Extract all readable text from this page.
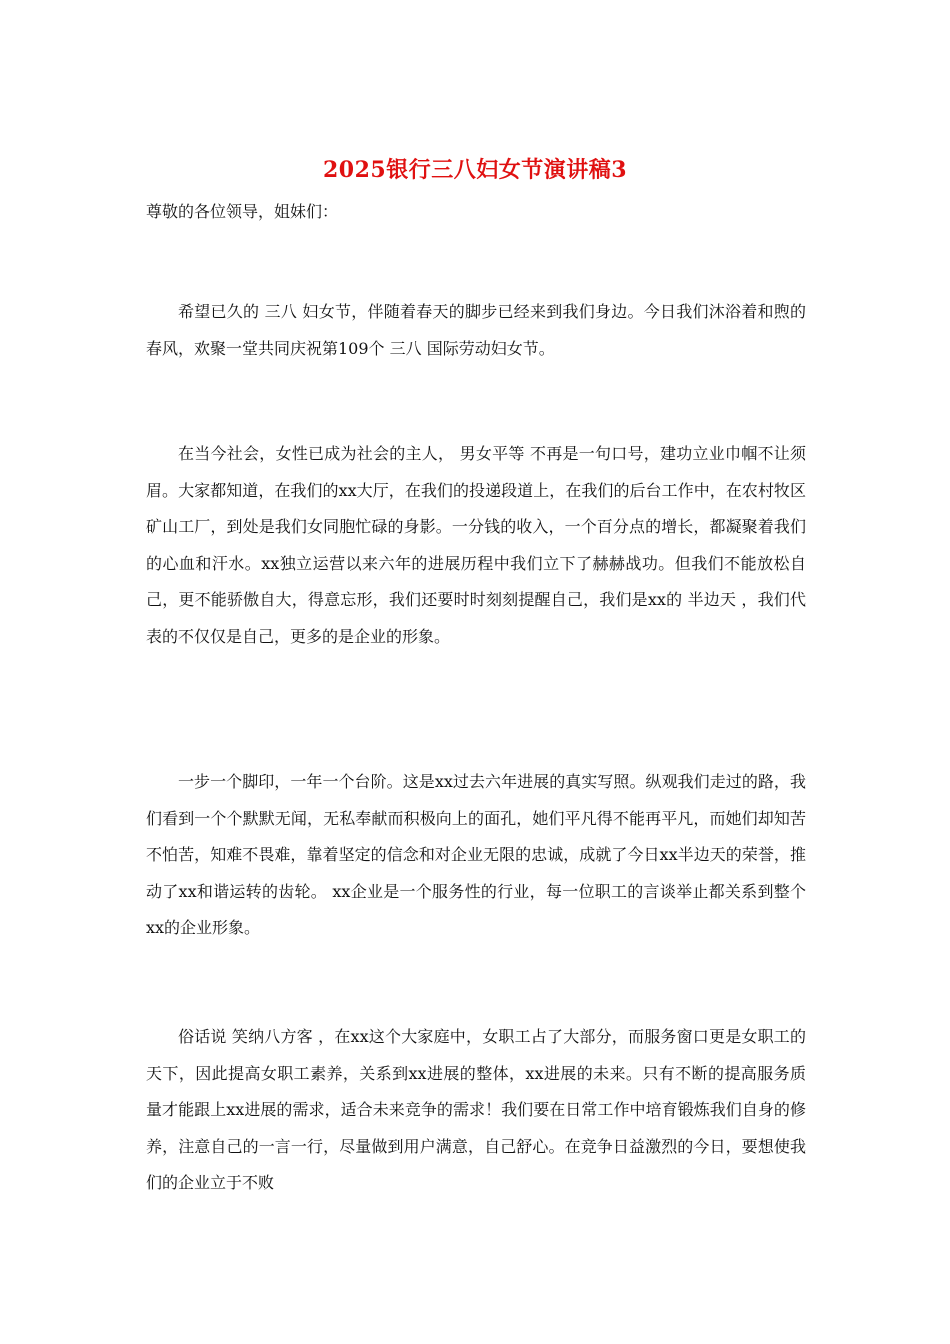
2025银行三八妇女节演讲稿3
尊敬的各位领导，姐妹们：

希望已久的 三八 妇女节，伴随着春天的脚步已经来到我们身边。今日我们沐浴着和煦的春风，欢聚一堂共同庆祝第109个 三八 国际劳动妇女节。

在当今社会，女性已成为社会的主人， 男女平等 不再是一句口号，建功立业巾帼不让须眉。大家都知道，在我们的xx大厅，在我们的投递段道上，在我们的后台工作中，在农村牧区矿山工厂，到处是我们女同胞忙碌的身影。一分钱的收入，一个百分点的增长，都凝聚着我们的心血和汗水。xx独立运营以来六年的进展历程中我们立下了赫赫战功。但我们不能放松自己，更不能骄傲自大，得意忘形，我们还要时时刻刻提醒自己，我们是xx的 半边天 ，我们代表的不仅仅是自己，更多的是企业的形象。

一步一个脚印，一年一个台阶。这是xx过去六年进展的真实写照。纵观我们走过的路，我们看到一个个默默无闻，无私奉献而积极向上的面孔，她们平凡得不能再平凡，而她们却知苦不怕苦，知难不畏难，靠着坚定的信念和对企业无限的忠诚，成就了今日xx半边天的荣誉，推动了xx和谐运转的齿轮。 xx企业是一个服务性的行业，每一位职工的言谈举止都关系到整个xx的企业形象。

俗话说 笑纳八方客 ，在xx这个大家庭中，女职工占了大部分，而服务窗口更是女职工的天下，因此提高女职工素养，关系到xx进展的整体，xx进展的未来。只有不断的提高服务质量才能跟上xx进展的需求，适合未来竞争的需求！我们要在日常工作中培育锻炼我们自身的修养，注意自己的一言一行，尽量做到用户满意，自己舒心。在竞争日益激烈的今日，要想使我们的企业立于不败
